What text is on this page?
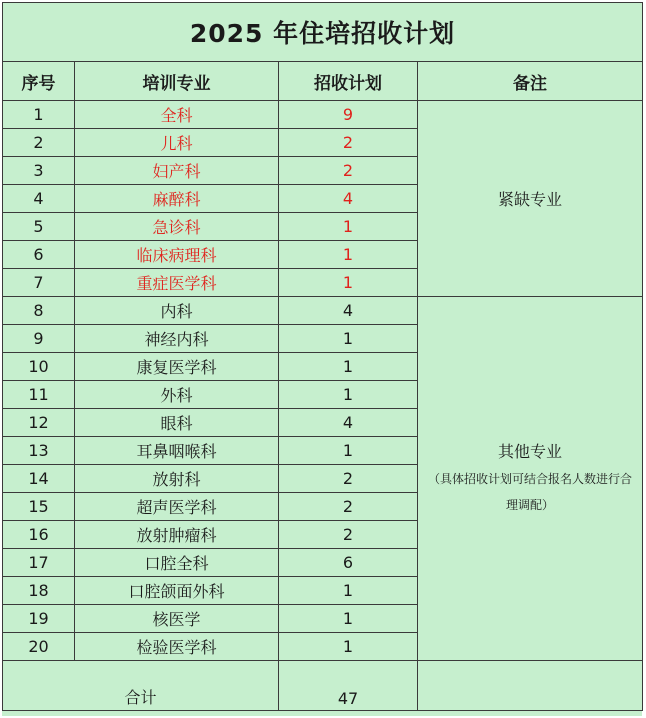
2025 年住培招收计划			
序号	培训专业	招收计划	备注
1	全科	9	紧缺专业

2	儿科	2	
3	妇产科	2	
4	麻醉科	4	
5	急诊科	1	
6	临床病理科	1	
7	重症医学科	1	
8	内科	4	其他专业
（具体招收计划可结合报名人数进行合理调配）

9	神经内科	1	
10	康复医学科	1	
11	外科	1	
12	眼科	4	
13	耳鼻咽喉科	1	
14	放射科	2	
15	超声医学科	2	
16	放射肿瘤科	2	
17	口腔全科	6	
18	口腔颌面外科	1	
19	核医学	1	
20	检验医学科	1	
合计		47	
